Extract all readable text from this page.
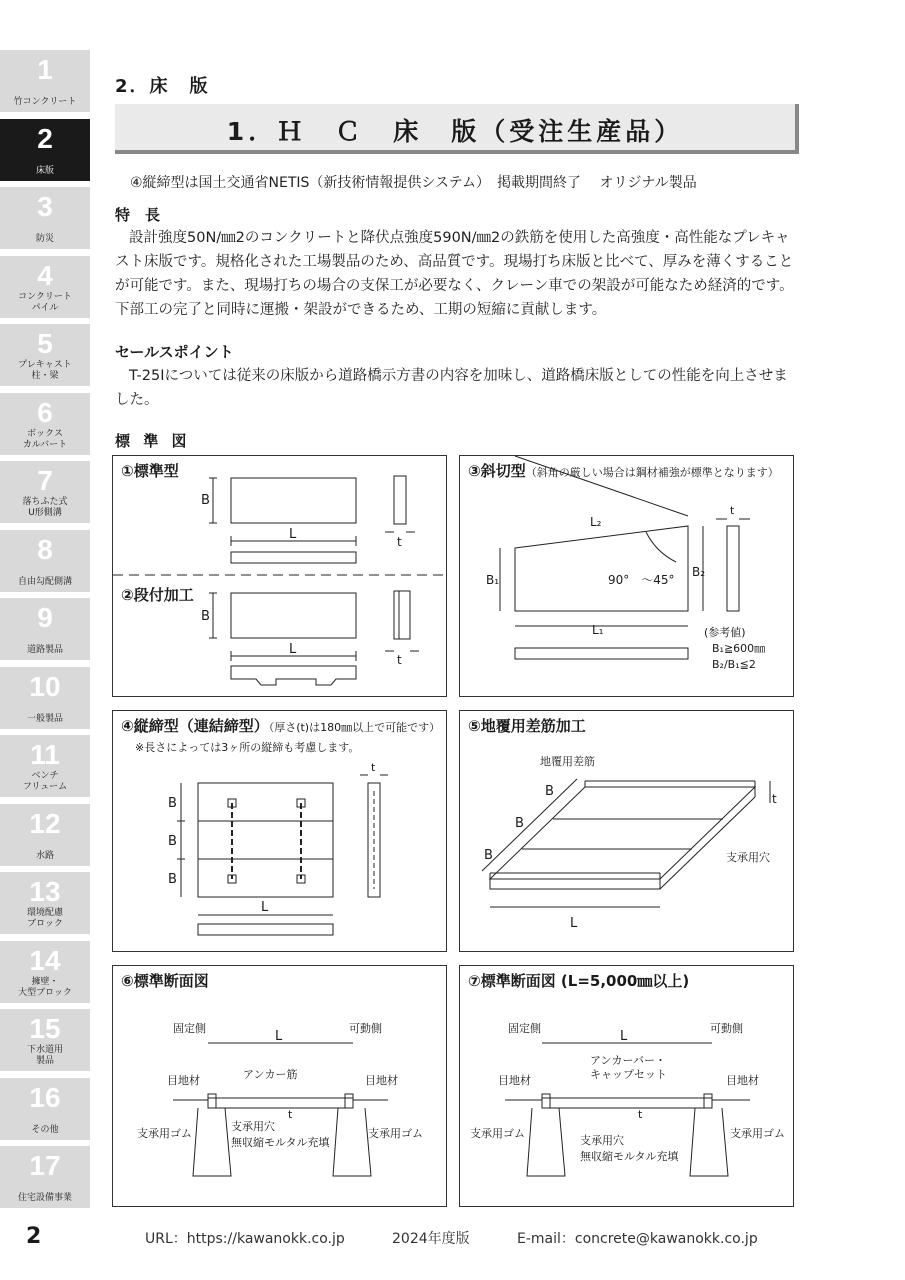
1
竹コンクリート
2
床版
3
防災
4
コンクリート
パイル
5
プレキャスト
柱・梁
6
ボックス
カルバート
7
落ちふた式
U形側溝
8
自由勾配側溝
9
道路製品
10
一般製品
11
ベンチ
フリューム
12
水路
13
環境配慮
ブロック
14
擁壁・
大型ブロック
15
下水道用
製品
16
その他
17
住宅設備事業
2．床　版
1．Ｈ　Ｃ　床　版（受注生産品）
④縦締型は国土交通省NETIS（新技術情報提供システム）　掲載期間終了　 オリジナル製品
特　長
設計強度50N/㎜2のコンクリートと降伏点強度590N/㎜2の鉄筋を使用した高強度・高性能なプレキャスト床版です。規格化された工場製品のため、高品質です。現場打ち床版と比べて、厚みを薄くすることが可能です。また、現場打ちの場合の支保工が必要なく、クレーン車での架設が可能なため経済的です。下部工の完了と同時に運搬・架設ができるため、工期の短縮に貢献します。
セールスポイント
T-25Iについては従来の床版から道路橋示方書の内容を加味し、道路橋床版としての性能を向上させました。
標 準 図
①標準型
②段付加工
B
L	t
B
L
t
③斜切型（斜角の厳しい場合は鋼材補強が標準となります）
L₂
L₁
B₁
B₂
90°　～45°
t
(参考値)
B₁≧600㎜
B₂/B₁≦2
④縦締型（連結締型）（厚さ(t)は180㎜以上で可能です）
※長さによっては3ヶ所の縦締も考慮します。
B
B
B
L
t
⑤地覆用差筋加工
地覆用差筋
B
B
B
L
t
支承用穴
⑥標準断面図
固定側	可動側
L
目地材	目地材
アンカー筋
t
支承用ゴム	支承用ゴム
支承用穴
無収縮モルタル充填
⑦標準断面図 (L=5,000㎜以上)
固定側	可動側
L
目地材	目地材
アンカーバー・
キャップセット
t
支承用ゴム	支承用ゴム
支承用穴
無収縮モルタル充填
2	URL：https://kawanokk.co.jp	2024年度版	E-mail：concrete@kawanokk.co.jp
